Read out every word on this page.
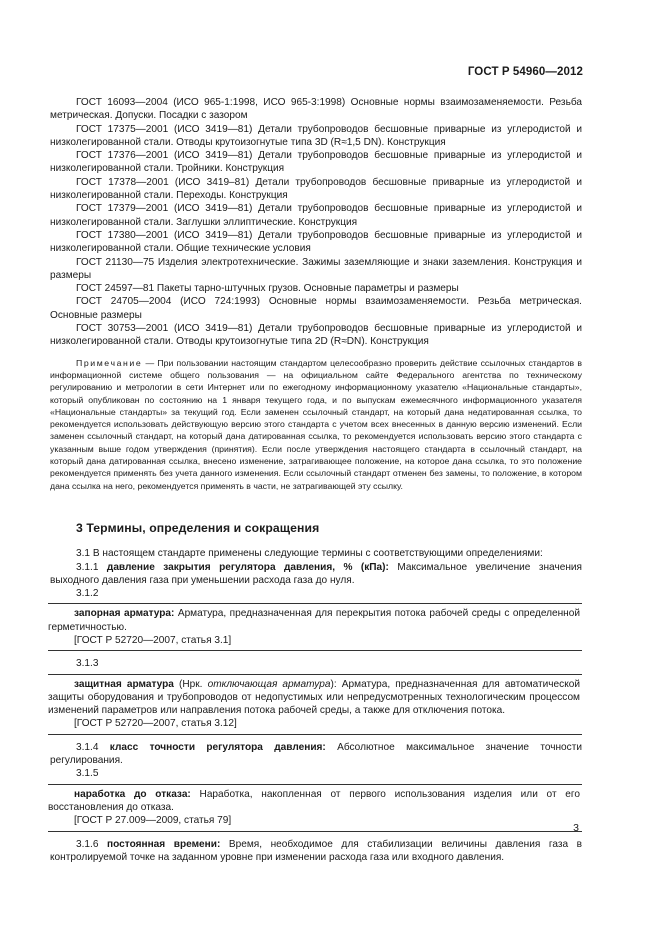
ГОСТ Р 54960—2012

ГОСТ 16093—2004 (ИСО 965-1:1998, ИСО 965-3:1998) Основные нормы взаимозаменяемости. Резьба метрическая. Допуски. Посадки с зазором

ГОСТ 17375—2001 (ИСО 3419—81) Детали трубопроводов бесшовные приварные из углеродистой и низколегированной стали. Отводы крутоизогнутые типа 3D (R≈1,5 DN). Конструкция

ГОСТ 17376—2001 (ИСО 3419—81) Детали трубопроводов бесшовные приварные из углеродистой и низколегированной стали. Тройники. Конструкция

ГОСТ 17378—2001 (ИСО 3419–81) Детали трубопроводов бесшовные приварные из углеродистой и низколегированной стали. Переходы. Конструкция

ГОСТ 17379—2001 (ИСО 3419—81) Детали трубопроводов бесшовные приварные из углеродистой и низколегированной стали. Заглушки эллиптические. Конструкция

ГОСТ 17380—2001 (ИСО 3419—81) Детали трубопроводов бесшовные приварные из углеродистой и низколегированной стали. Общие технические условия

ГОСТ 21130—75 Изделия электротехнические. Зажимы заземляющие и знаки заземления. Конструкция и размеры

ГОСТ 24597—81 Пакеты тарно-штучных грузов. Основные параметры и размеры

ГОСТ 24705—2004 (ИСО 724:1993) Основные нормы взаимозаменяемости. Резьба метрическая. Основные размеры

ГОСТ 30753—2001 (ИСО 3419—81) Детали трубопроводов бесшовные приварные из углеродистой и низколегированной стали. Отводы крутоизогнутые типа 2D (R≈DN). Конструкция

Примечание — При пользовании настоящим стандартом целесообразно проверить действие ссылочных стандартов в информационной системе общего пользования — на официальном сайте Федерального агентства по техническому регулированию и метрологии в сети Интернет или по ежегодному информационному указателю «Национальные стандарты», который опубликован по состоянию на 1 января текущего года, и по выпускам ежемесячного информационного указателя «Национальные стандарты» за текущий год. Если заменен ссылочный стандарт, на который дана недатированная ссылка, то рекомендуется использовать действующую версию этого стандарта с учетом всех внесенных в данную версию изменений. Если заменен ссылочный стандарт, на который дана датированная ссылка, то рекомендуется использовать версию этого стандарта с указанным выше годом утверждения (принятия). Если после утверждения настоящего стандарта в ссылочный стандарт, на который дана датированная ссылка, внесено изменение, затрагивающее положение, на которое дана ссылка, то это положение рекомендуется применять без учета данного изменения. Если ссылочный стандарт отменен без замены, то положение, в котором дана ссылка на него, рекомендуется применять в части, не затрагивающей эту ссылку.

3 Термины, определения и сокращения

3.1 В настоящем стандарте применены следующие термины с соответствующими определениями:

3.1.1 давление закрытия регулятора давления, % (кПа): Максимальное увеличение значения выходного давления газа при уменьшении расхода газа до нуля.

3.1.2

запорная арматура: Арматура, предназначенная для перекрытия потока рабочей среды с определенной герметичностью.

[ГОСТ Р 52720—2007, статья 3.1]
3.1.3

защитная арматура (Нрк. отключающая арматура): Арматура, предназначенная для автоматической защиты оборудования и трубопроводов от недопустимых или непредусмотренных технологическим процессом изменений параметров или направления потока рабочей среды, а также для отключения потока.

[ГОСТ Р 52720—2007, статья 3.12]

3.1.4 класс точности регулятора давления: Абсолютное максимальное значение точности регулирования.

3.1.5

наработка до отказа: Наработка, накопленная от первого использования изделия или от его восстановления до отказа.

[ГОСТ Р 27.009—2009, статья 79]

3.1.6 постоянная времени: Время, необходимое для стабилизации величины давления газа в контролируемой точке на заданном уровне при изменении расхода газа или входного давления.

3
